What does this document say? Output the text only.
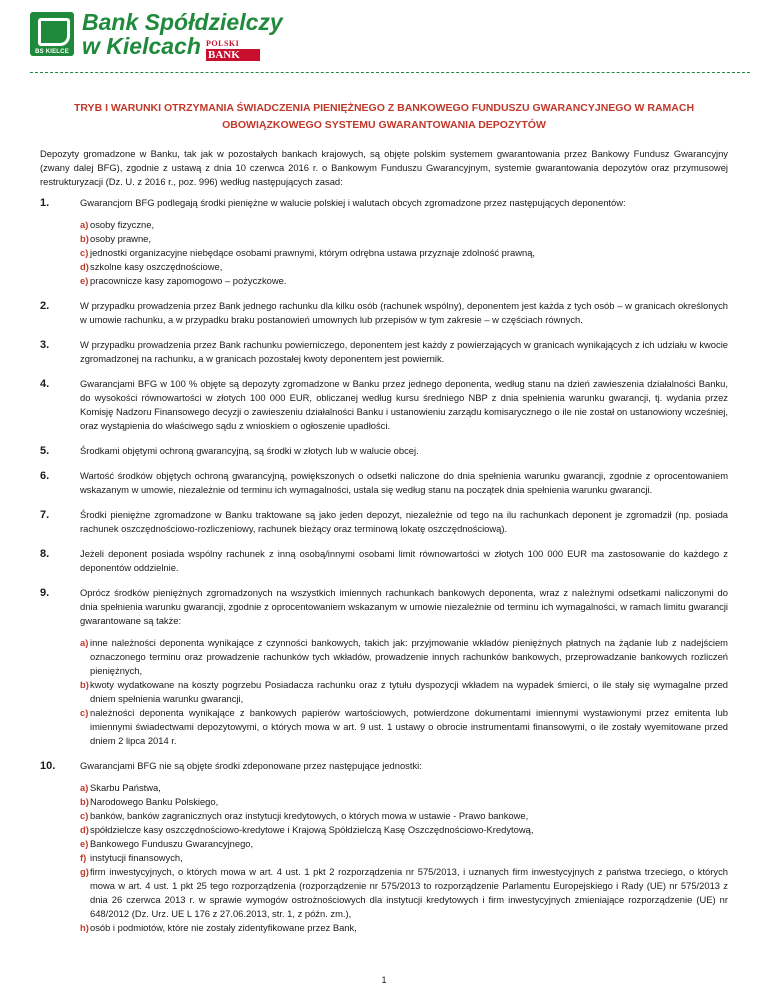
BS KIELCE
Bank Spółdzielczy
w Kielcach POLSKI
BANK
TRYB I WARUNKI OTRZYMANIA ŚWIADCZENIA PIENIĘŻNEGO Z BANKOWEGO FUNDUSZU GWARANCYJNEGO W RAMACH OBOWIĄZKOWEGO SYSTEMU GWARANTOWANIA DEPOZYTÓW
Depozyty gromadzone w Banku, tak jak w pozostałych bankach krajowych, są objęte polskim systemem gwarantowania przez Bankowy Fundusz Gwarancyjny (zwany dalej BFG), zgodnie z ustawą z dnia 10 czerwca 2016 r. o Bankowym Funduszu Gwarancyjnym, systemie gwarantowania depozytów oraz przymusowej restrukturyzacji (Dz. U. z 2016 r., poz. 996) według następujących zasad:
1.	Gwarancjom BFG podlegają środki pieniężne w walucie polskiej i walutach obcych zgromadzone przez następujących deponentów:
a) osoby fizyczne,
b) osoby prawne,
c) jednostki organizacyjne niebędące osobami prawnymi, którym odrębna ustawa przyznaje zdolność prawną,
d) szkolne kasy oszczędnościowe,
e) pracownicze kasy zapomogowo – pożyczkowe.
2.	W przypadku prowadzenia przez Bank jednego rachunku dla kilku osób (rachunek wspólny), deponentem jest każda z tych osób – w granicach określonych w umowie rachunku, a w przypadku braku postanowień umownych lub przepisów w tym zakresie – w częściach równych.
3.	W przypadku prowadzenia przez Bank rachunku powierniczego, deponentem jest każdy z powierzających w granicach wynikających z ich udziału w kwocie zgromadzonej na rachunku, a w granicach pozostałej kwoty deponentem jest powiernik.
4.	Gwarancjami BFG w 100 % objęte są depozyty zgromadzone w Banku przez jednego deponenta, według stanu na dzień zawieszenia działalności Banku, do wysokości równowartości w złotych 100 000 EUR, obliczanej według kursu średniego NBP z dnia spełnienia warunku gwarancji, tj. wydania przez Komisję Nadzoru Finansowego decyzji o zawieszeniu działalności Banku i ustanowieniu zarządu komisarycznego o ile nie został on ustanowiony wcześniej, oraz wystąpienia do właściwego sądu z wnioskiem o ogłoszenie upadłości.
5.	Środkami objętymi ochroną gwarancyjną, są środki w złotych lub w walucie obcej.
6.	Wartość środków objętych ochroną gwarancyjną, powiększonych o odsetki naliczone do dnia spełnienia warunku gwarancji, zgodnie z oprocentowaniem wskazanym w umowie, niezależnie od terminu ich wymagalności, ustala się według stanu na początek dnia spełnienia warunku gwarancji.
7.	Środki pieniężne zgromadzone w Banku traktowane są jako jeden depozyt, niezależnie od tego na ilu rachunkach deponent je zgromadził (np. posiada rachunek oszczędnościowo-rozliczeniowy, rachunek bieżący oraz terminową lokatę oszczędnościową).
8.	Jeżeli deponent posiada wspólny rachunek z inną osobą/innymi osobami limit równowartości w złotych 100 000 EUR ma zastosowanie do każdego z deponentów oddzielnie.
9.	Oprócz środków pieniężnych zgromadzonych na wszystkich imiennych rachunkach bankowych deponenta, wraz z należnymi odsetkami naliczonymi do dnia spełnienia warunku gwarancji, zgodnie z oprocentowaniem wskazanym w umowie niezależnie od terminu ich wymagalności, w ramach limitu gwarancji gwarantowane są także:
a) inne należności deponenta wynikające z czynności bankowych, takich jak: przyjmowanie wkładów pieniężnych płatnych na żądanie lub z nadejściem oznaczonego terminu oraz prowadzenie rachunków tych wkładów, prowadzenie innych rachunków bankowych, przeprowadzanie bankowych rozliczeń pieniężnych,
b) kwoty wydatkowane na koszty pogrzebu Posiadacza rachunku oraz z tytułu dyspozycji wkładem na wypadek śmierci, o ile stały się wymagalne przed dniem spełnienia warunku gwarancji,
c) należności deponenta wynikające z bankowych papierów wartościowych, potwierdzone dokumentami imiennymi wystawionymi przez emitenta lub imiennymi świadectwami depozytowymi, o których mowa w art. 9 ust. 1 ustawy o obrocie instrumentami finansowymi, o ile zostały wyemitowane przed dniem 2 lipca 2014 r.
10.	Gwarancjami BFG nie są objęte środki zdeponowane przez następujące jednostki:
a) Skarbu Państwa,
b) Narodowego Banku Polskiego,
c) banków, banków zagranicznych oraz instytucji kredytowych, o których mowa w ustawie - Prawo bankowe,
d) spółdzielcze kasy oszczędnościowo-kredytowe i Krajową Spółdzielczą Kasę Oszczędnościowo-Kredytową,
e) Bankowego Funduszu Gwarancyjnego,
f) instytucji finansowych,
g) firm inwestycyjnych, o których mowa w art. 4 ust. 1 pkt 2 rozporządzenia nr 575/2013, i uznanych firm inwestycyjnych z państwa trzeciego, o których mowa w art. 4 ust. 1 pkt 25 tego rozporządzenia (rozporządzenie nr 575/2013 to rozporządzenie Parlamentu Europejskiego i Rady (UE) nr 575/2013 z dnia 26 czerwca 2013 r. w sprawie wymogów ostrożnościowych dla instytucji kredytowych i firm inwestycyjnych zmieniające rozporządzenie (UE) nr 648/2012 (Dz. Urz. UE L 176 z 27.06.2013, str. 1, z późn. zm.),
h) osób i podmiotów, które nie zostały zidentyfikowane przez Bank,
1
